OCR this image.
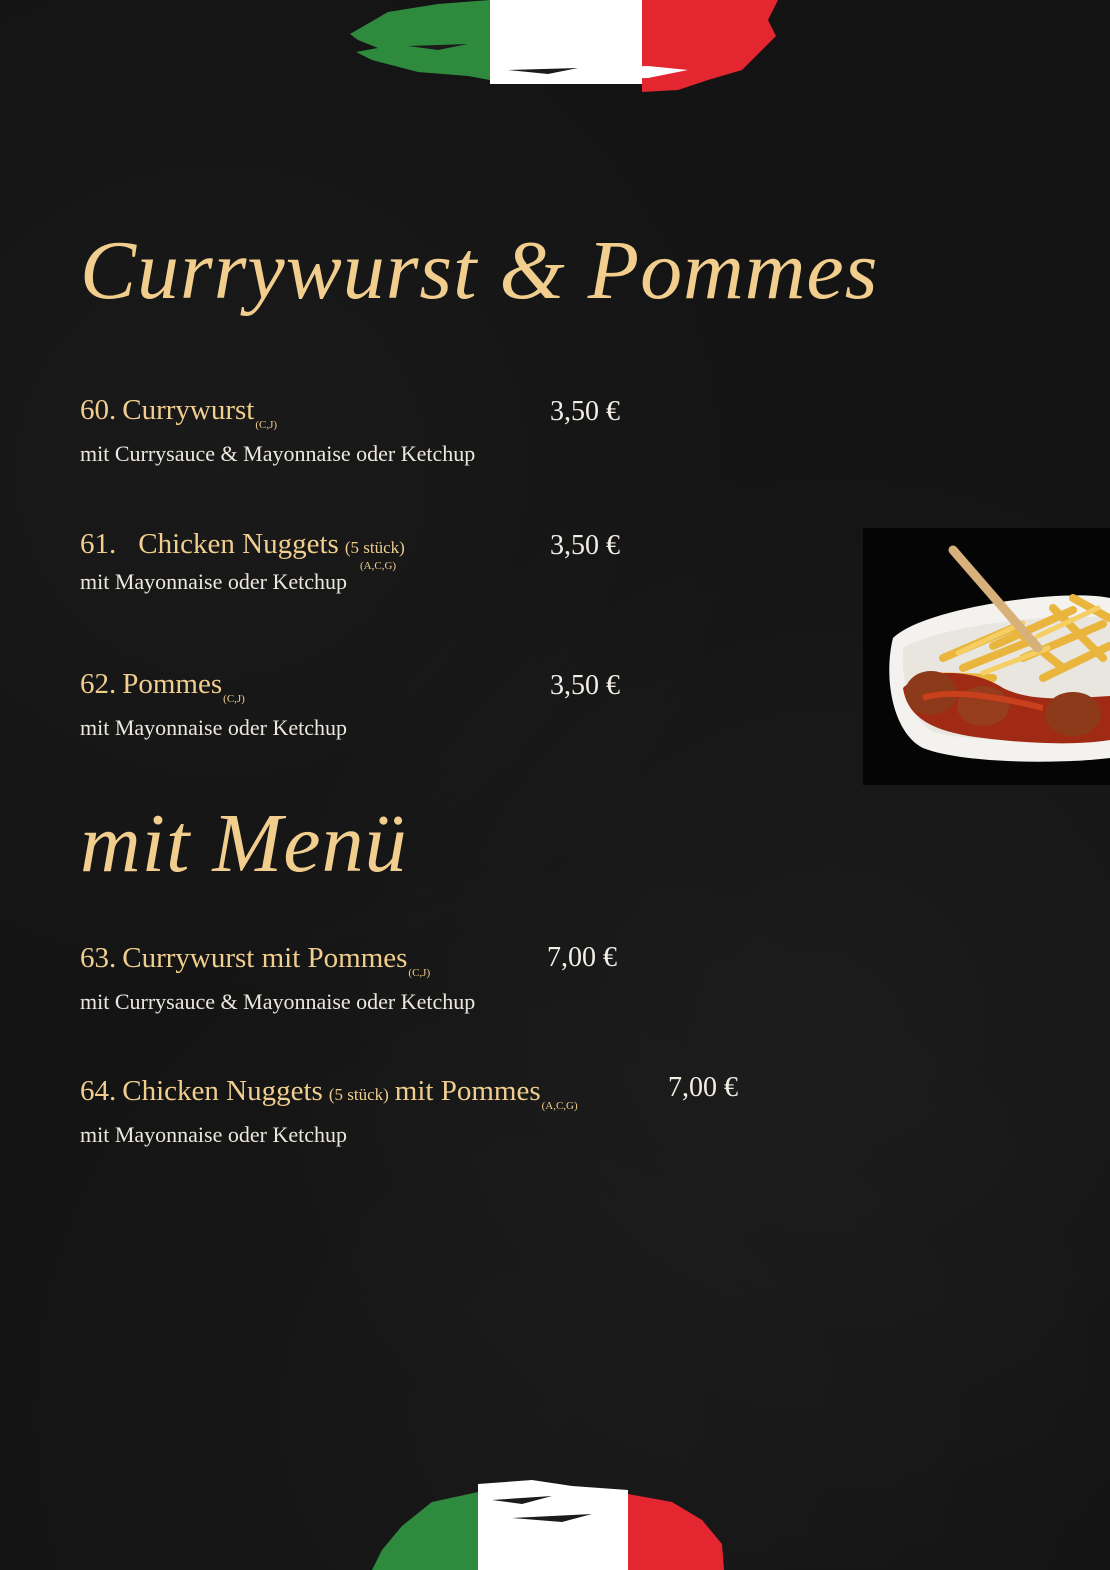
Currywurst & Pommes
60. Currywurst$_{(C,J)}$
mit Currysauce & Mayonnaise oder Ketchup
3,50 €
61. Chicken Nuggets (5 stück)
mit Mayonnaise oder Ketchup
(A,C,G)
3,50 €
62. Pommes$_{(C,J)}$
mit Mayonnaise oder Ketchup
3,50 €
mit Menü
63. Currywurst mit Pommes$_{(C,J)}$
mit Currysauce & Mayonnaise oder Ketchup
7,00 €
64. Chicken Nuggets (5 stück) mit Pommes$_{(A,C,G)}$
mit Mayonnaise oder Ketchup
7,00 €
